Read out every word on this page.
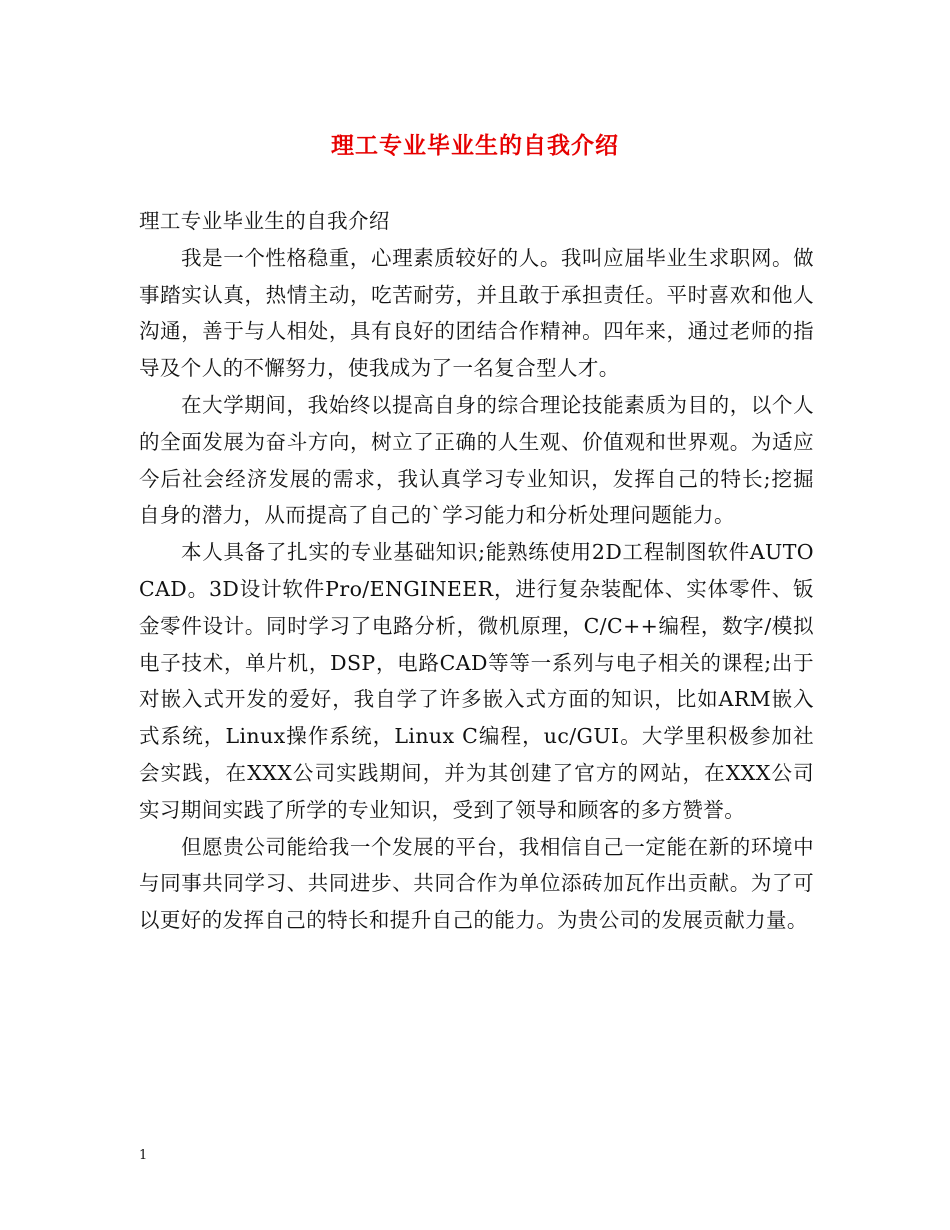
理工专业毕业生的自我介绍

理工专业毕业生的自我介绍

我是一个性格稳重，心理素质较好的人。我叫应届毕业生求职网。做事踏实认真，热情主动，吃苦耐劳，并且敢于承担责任。平时喜欢和他人沟通，善于与人相处，具有良好的团结合作精神。四年来，通过老师的指导及个人的不懈努力，使我成为了一名复合型人才。

在大学期间，我始终以提高自身的综合理论技能素质为目的，以个人的全面发展为奋斗方向，树立了正确的人生观、价值观和世界观。为适应今后社会经济发展的需求，我认真学习专业知识，发挥自己的特长;挖掘自身的潜力，从而提高了自己的`学习能力和分析处理问题能力。

本人具备了扎实的专业基础知识;能熟练使用2D工程制图软件AUTOCAD。3D设计软件Pro/ENGINEER，进行复杂装配体、实体零件、钣金零件设计。同时学习了电路分析，微机原理，C/C++编程，数字/模拟电子技术，单片机，DSP，电路CAD等等一系列与电子相关的课程;出于对嵌入式开发的爱好，我自学了许多嵌入式方面的知识，比如ARM嵌入式系统，Linux操作系统，Linux C编程，uc/GUI。大学里积极参加社会实践，在XXX公司实践期间，并为其创建了官方的网站，在XXX公司实习期间实践了所学的专业知识，受到了领导和顾客的多方赞誉。

但愿贵公司能给我一个发展的平台，我相信自己一定能在新的环境中与同事共同学习、共同进步、共同合作为单位添砖加瓦作出贡献。为了可以更好的发挥自己的特长和提升自己的能力。为贵公司的发展贡献力量。

1
